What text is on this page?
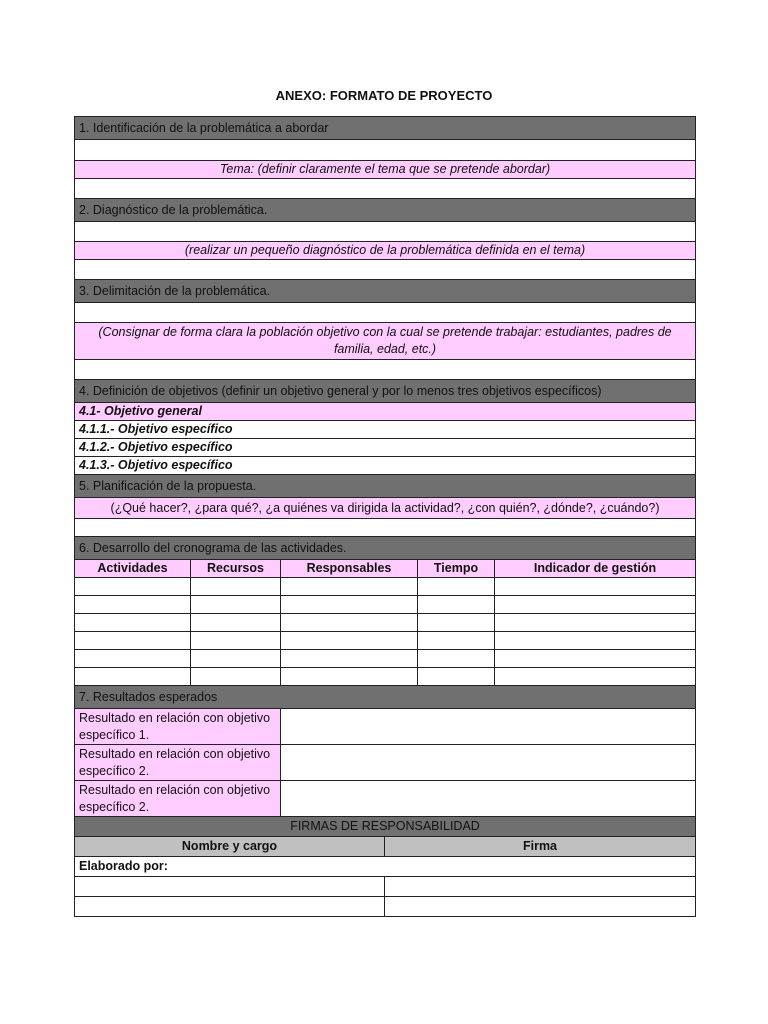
ANEXO: FORMATO DE PROYECTO
1. Identificación de la problemática a abordar				

Tema: (definir claramente el tema que se pretende abordar)				

2. Diagnóstico de la problemática.				

(realizar un pequeño diagnóstico de la problemática definida en el tema)				

3. Delimitación de la problemática.				

(Consignar de forma clara la población objetivo con la cual se pretende trabajar: estudiantes, padres de familia, edad, etc.)				

4. Definición de objetivos (definir un objetivo general y por lo menos tres objetivos específicos)				
4.1- Objetivo general				
4.1.1.- Objetivo específico				
4.1.2.- Objetivo específico				
4.1.3.- Objetivo específico				
5. Planificación de la propuesta.				
(¿Qué hacer?, ¿para qué?, ¿a quiénes va dirigida la actividad?, ¿con quién?, ¿dónde?, ¿cuándo?)				

6. Desarrollo del cronograma de las actividades.				
Actividades	Recursos	Responsables	Tiempo	Indicador de gestión

7. Resultados esperados				
Resultado en relación con objetivo específico 1.				
Resultado en relación con objetivo específico 2.				
Resultado en relación con objetivo específico 2.				
FIRMAS DE RESPONSABILIDAD	
Nombre y cargo	Firma
Elaborado por:	
